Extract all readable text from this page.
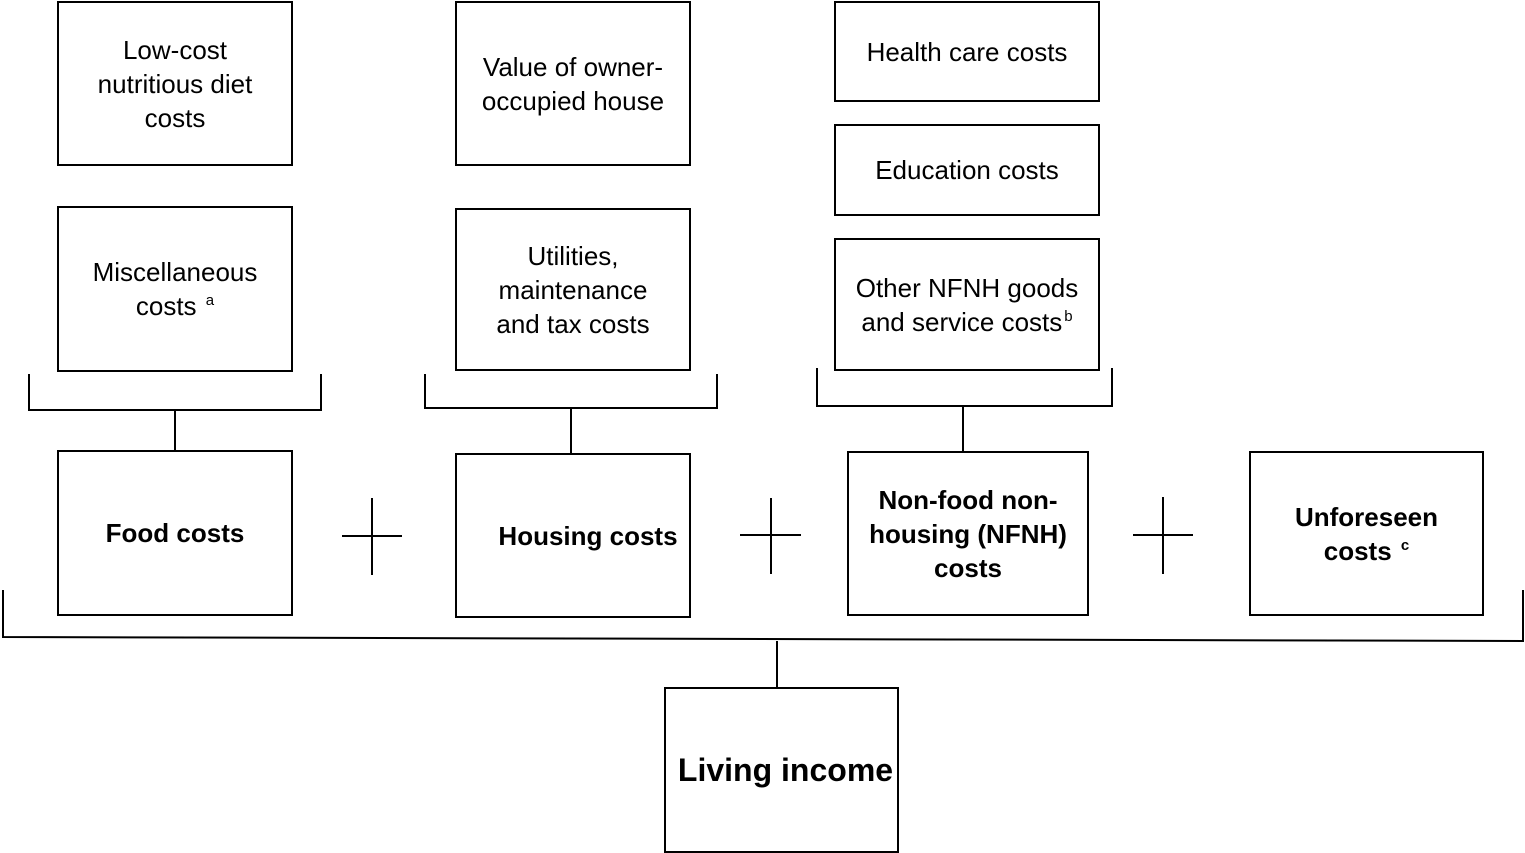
Low-cost nutritious diet costs
Value of owner-occupied house
Health care costs
Education costs
Miscellaneous costs $^a$
Utilities, maintenance and tax costs
Other NFNH goods and service costs $^b$
Food costs	Housing costs
Non-food non-housing (NFNH) costs
Unforeseen costs $^c$
Living income
